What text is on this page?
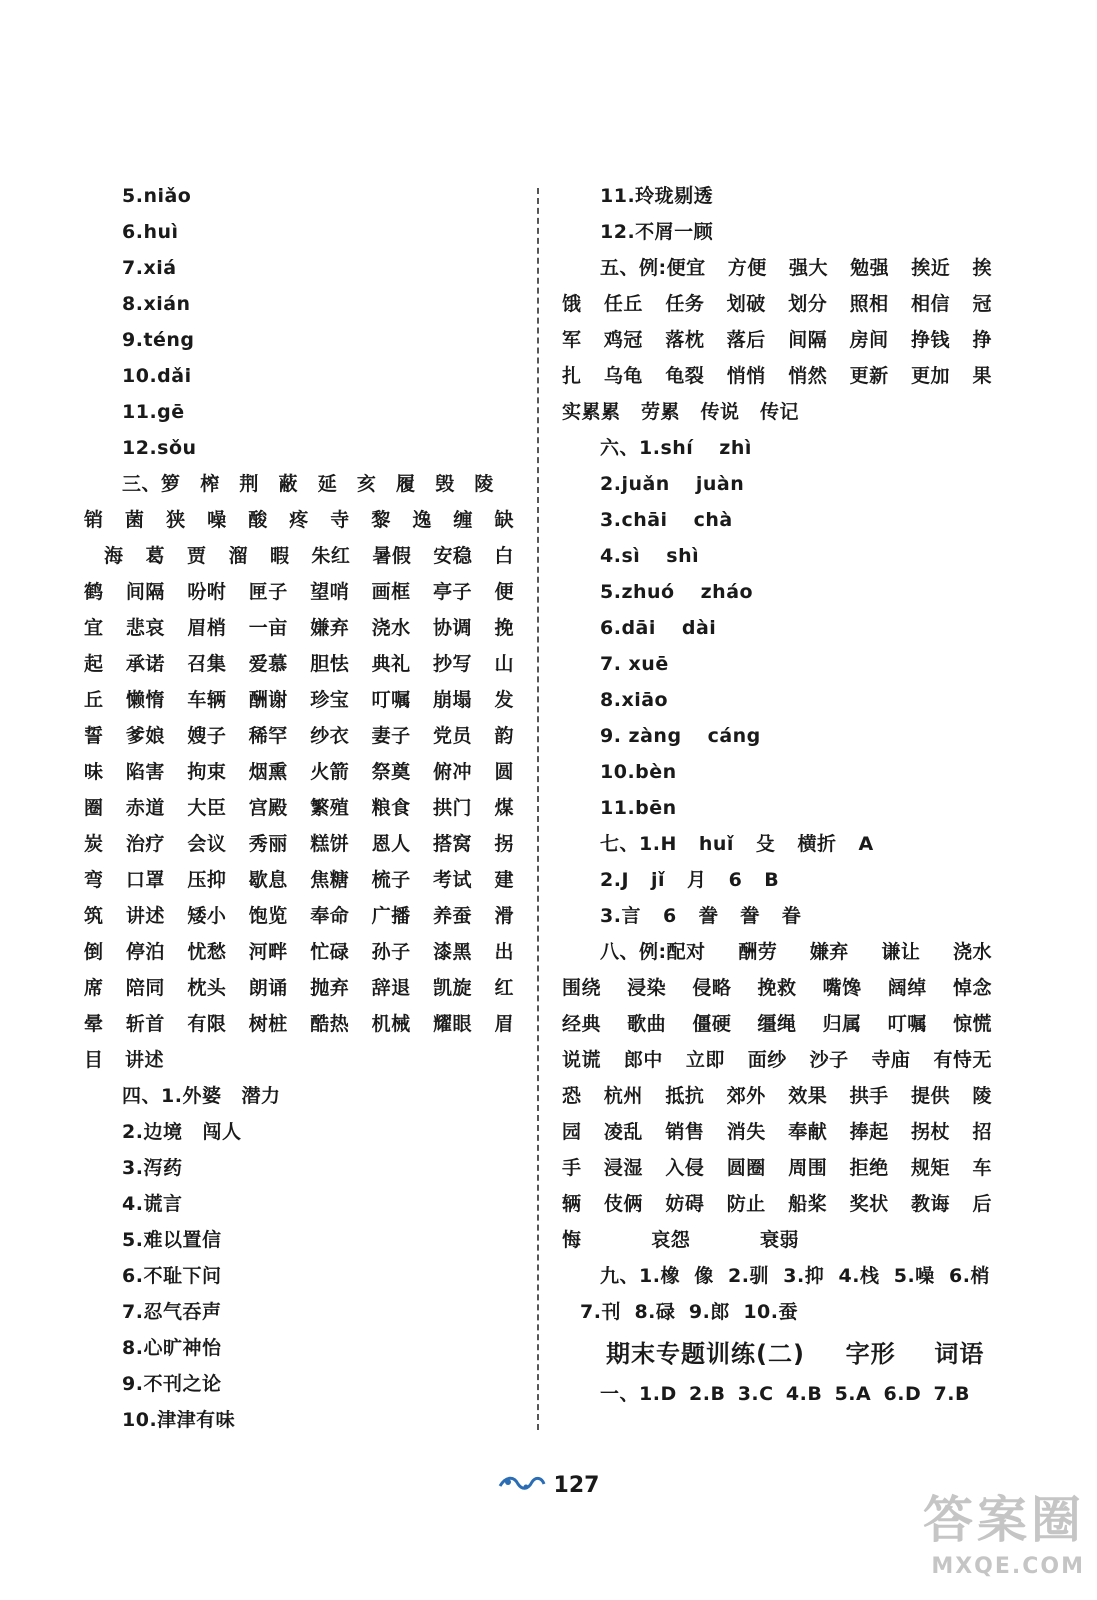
5.niǎo
6.huì
7.xiá
8.xián
9.téng
10.dǎi
11.gē
12.sǒu
三、 箩 榨 荆 蔽 延 亥 履 毁 陵
销 菌 狭 噪 酸 疼 寺 黎 逸 缠 缺
海 葛 贾 溜 暇 朱红 暑假 安稳 白
鹤 间隔 吩咐 匣子 望哨 画框 亭子 便
宜 悲哀 眉梢 一亩 嫌弃 浇水 协调 挽
起 承诺 召集 爱慕 胆怯 典礼 抄写 山
丘 懒惰 车辆 酬谢 珍宝 叮嘱 崩塌 发
誓 爹娘 嫂子 稀罕 纱衣 妻子 党员 韵
味 陷害 拘束 烟熏 火箭 祭奠 俯冲 圆
圈 赤道 大臣 宫殿 繁殖 粮食 拱门 煤
炭 治疗 会议 秀丽 糕饼 恩人 搭窝 拐
弯 口罩 压抑 歇息 焦糖 梳子 考试 建
筑 讲述 矮小 饱览 奉命 广播 养蚕 滑
倒 停泊 忧愁 河畔 忙碌 孙子 漆黑 出
席 陪同 枕头 朗诵 抛弃 辞退 凯旋 红
晕 斩首 有限 树桩 酷热 机械 耀眼 眉
目 讲述
四、1.外婆 潜力
2.边境 闯人
3.泻药
4.谎言
5.难以置信
6.不耻下问
7.忍气吞声
8.心旷神怡
9.不刊之论
10.津津有味
11.玲珑剔透
12.不屑一顾
五、例:便宜 方便 强大 勉强 挨近 挨
饿 任丘 任务 划破 划分 照相 相信 冠
军 鸡冠 落枕 落后 间隔 房间 挣钱 挣
扎 乌龟 龟裂 悄悄 悄然 更新 更加 果
实累累 劳累 传说 传记
六、1.shí zhì
2.juǎn juàn
3.chāi chà
4.sì shì
5.zhuó zháo
6.dāi dài
7. xuē
8.xiāo
9. zàng cáng
10.bèn
11.bēn
七、1.H huǐ 殳 横折 A
2.J jǐ 月 6 B
3.言 6 誊 誊 眷
八、例:配对 酬劳 嫌弃 谦让 浇水
围绕 浸染 侵略 挽救 嘴馋 阔绰 悼念
经典 歌曲 僵硬 缰绳 归属 叮嘱 惊慌
说谎 郎中 立即 面纱 沙子 寺庙 有恃无
恐 杭州 抵抗 郊外 效果 拱手 提供 陵
园 凌乱 销售 消失 奉献 捧起 拐杖 招
手 浸湿 入侵 圆圈 周围 拒绝 规矩 车
辆 伎俩 妨碍 防止 船桨 奖状 教诲 后
悔	哀怨	衰弱
九、1.橡 像 2.驯 3.抑 4.栈 5.噪 6.梢
7.刊 8.碌 9.郎 10.蚕
期末专题训练(二) 字形 词语
一、1.D 2.B 3.C 4.B 5.A 6.D 7.B
127
答案圈
MXQE.COM
